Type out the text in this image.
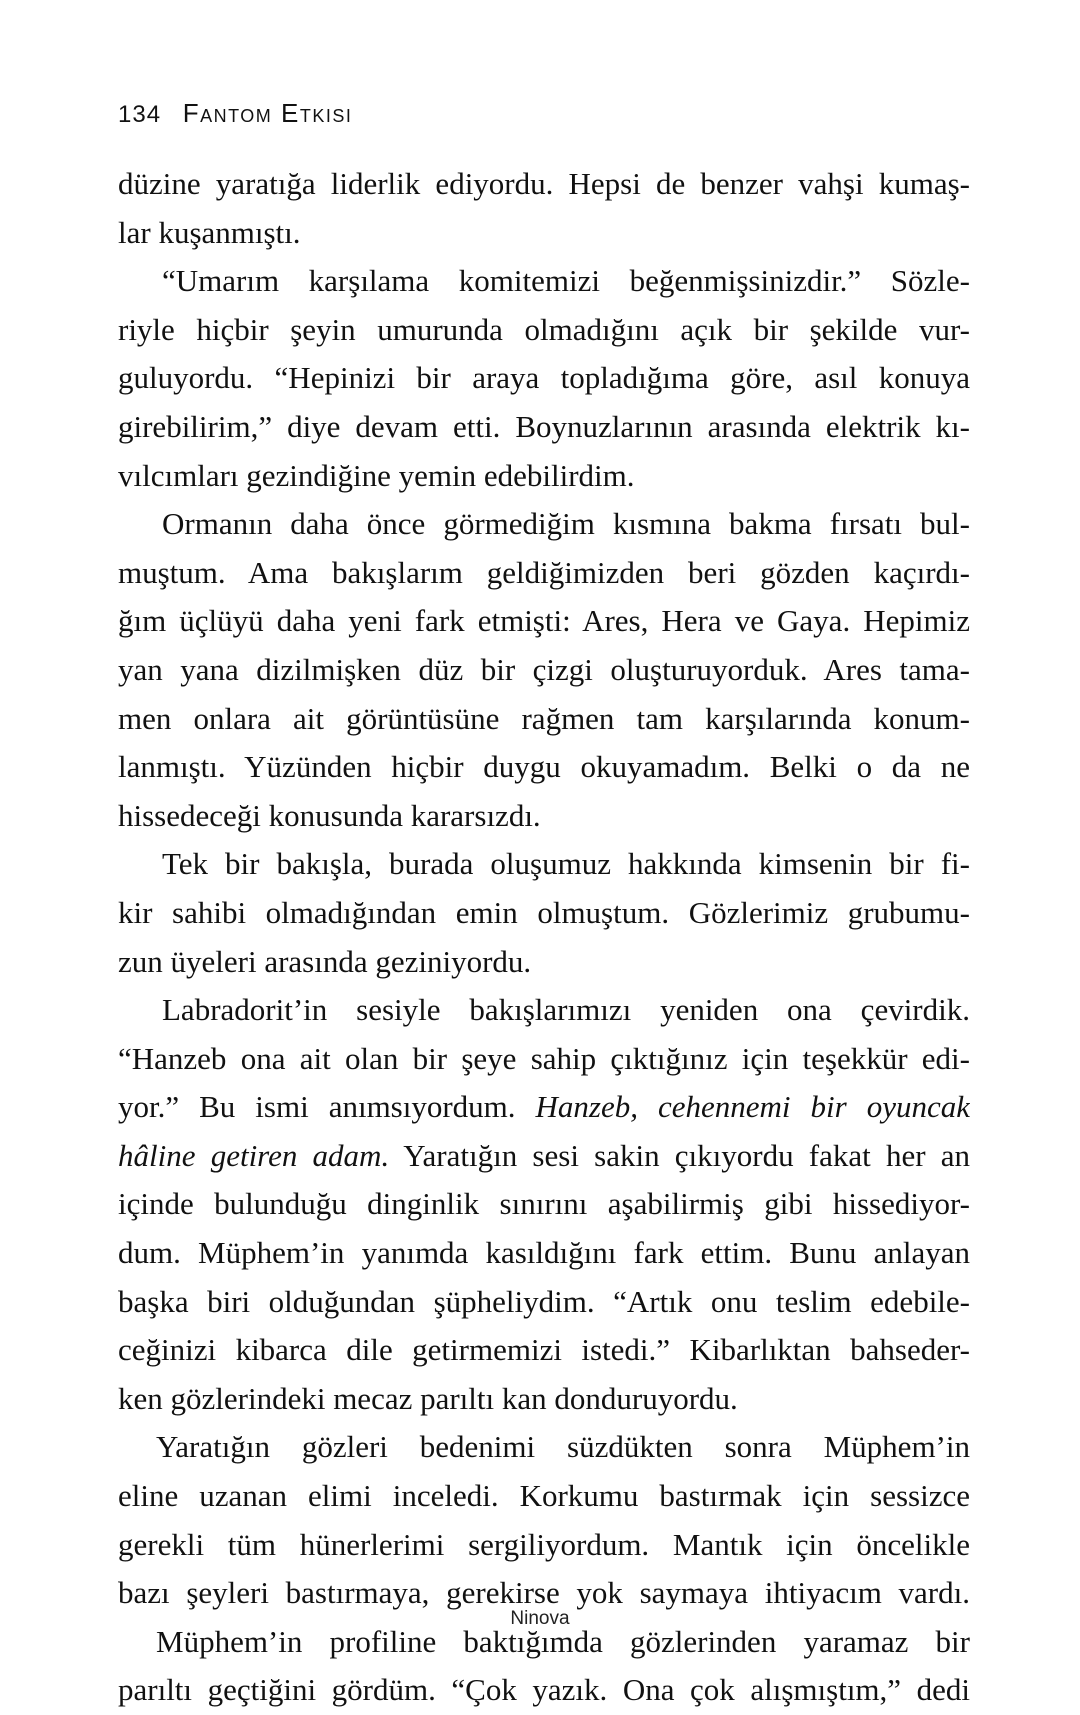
134 Fantom Etkisi
düzine yaratığa liderlik ediyordu. Hepsi de benzer vahşi kumaş-
lar kuşanmıştı.
“Umarım karşılama komitemizi beğenmişsinizdir.” Sözle-
riyle hiçbir şeyin umurunda olmadığını açık bir şekilde vur-
guluyordu. “Hepinizi bir araya topladığıma göre, asıl konuya
girebilirim,” diye devam etti. Boynuzlarının arasında elektrik kı-
vılcımları gezindiğine yemin edebilirdim.
Ormanın daha önce görmediğim kısmına bakma fırsatı bul-
muştum. Ama bakışlarım geldiğimizden beri gözden kaçırdı-
ğım üçlüyü daha yeni fark etmişti: Ares, Hera ve Gaya. Hepimiz
yan yana dizilmişken düz bir çizgi oluşturuyorduk. Ares tama-
men onlara ait görüntüsüne rağmen tam karşılarında konum-
lanmıştı. Yüzünden hiçbir duygu okuyamadım. Belki o da ne
hissedeceği konusunda kararsızdı.
Tek bir bakışla, burada oluşumuz hakkında kimsenin bir fi-
kir sahibi olmadığından emin olmuştum. Gözlerimiz grubumu-
zun üyeleri arasında geziniyordu.
Labradorit’in sesiyle bakışlarımızı yeniden ona çevirdik.
“Hanzeb ona ait olan bir şeye sahip çıktığınız için teşekkür edi-
yor.” Bu ismi anımsıyordum. Hanzeb, cehennemi bir oyuncak
hâline getiren adam. Yaratığın sesi sakin çıkıyordu fakat her an
içinde bulunduğu dinginlik sınırını aşabilirmiş gibi hissediyor-
dum. Müphem’in yanımda kasıldığını fark ettim. Bunu anlayan
başka biri olduğundan şüpheliydim. “Artık onu teslim edebile-
ceğinizi kibarca dile getirmemizi istedi.” Kibarlıktan bahseder-
ken gözlerindeki mecaz parıltı kan donduruyordu.
Yaratığın gözleri bedenimi süzdükten sonra Müphem’in
eline uzanan elimi inceledi. Korkumu bastırmak için sessizce
gerekli tüm hünerlerimi sergiliyordum. Mantık için öncelikle
bazı şeyleri bastırmaya, gerekirse yok saymaya ihtiyacım vardı.
Müphem’in profiline baktığımda gözlerinden yaramaz bir
parıltı geçtiğini gördüm. “Çok yazık. Ona çok alışmıştım,” dedi
Ninova
